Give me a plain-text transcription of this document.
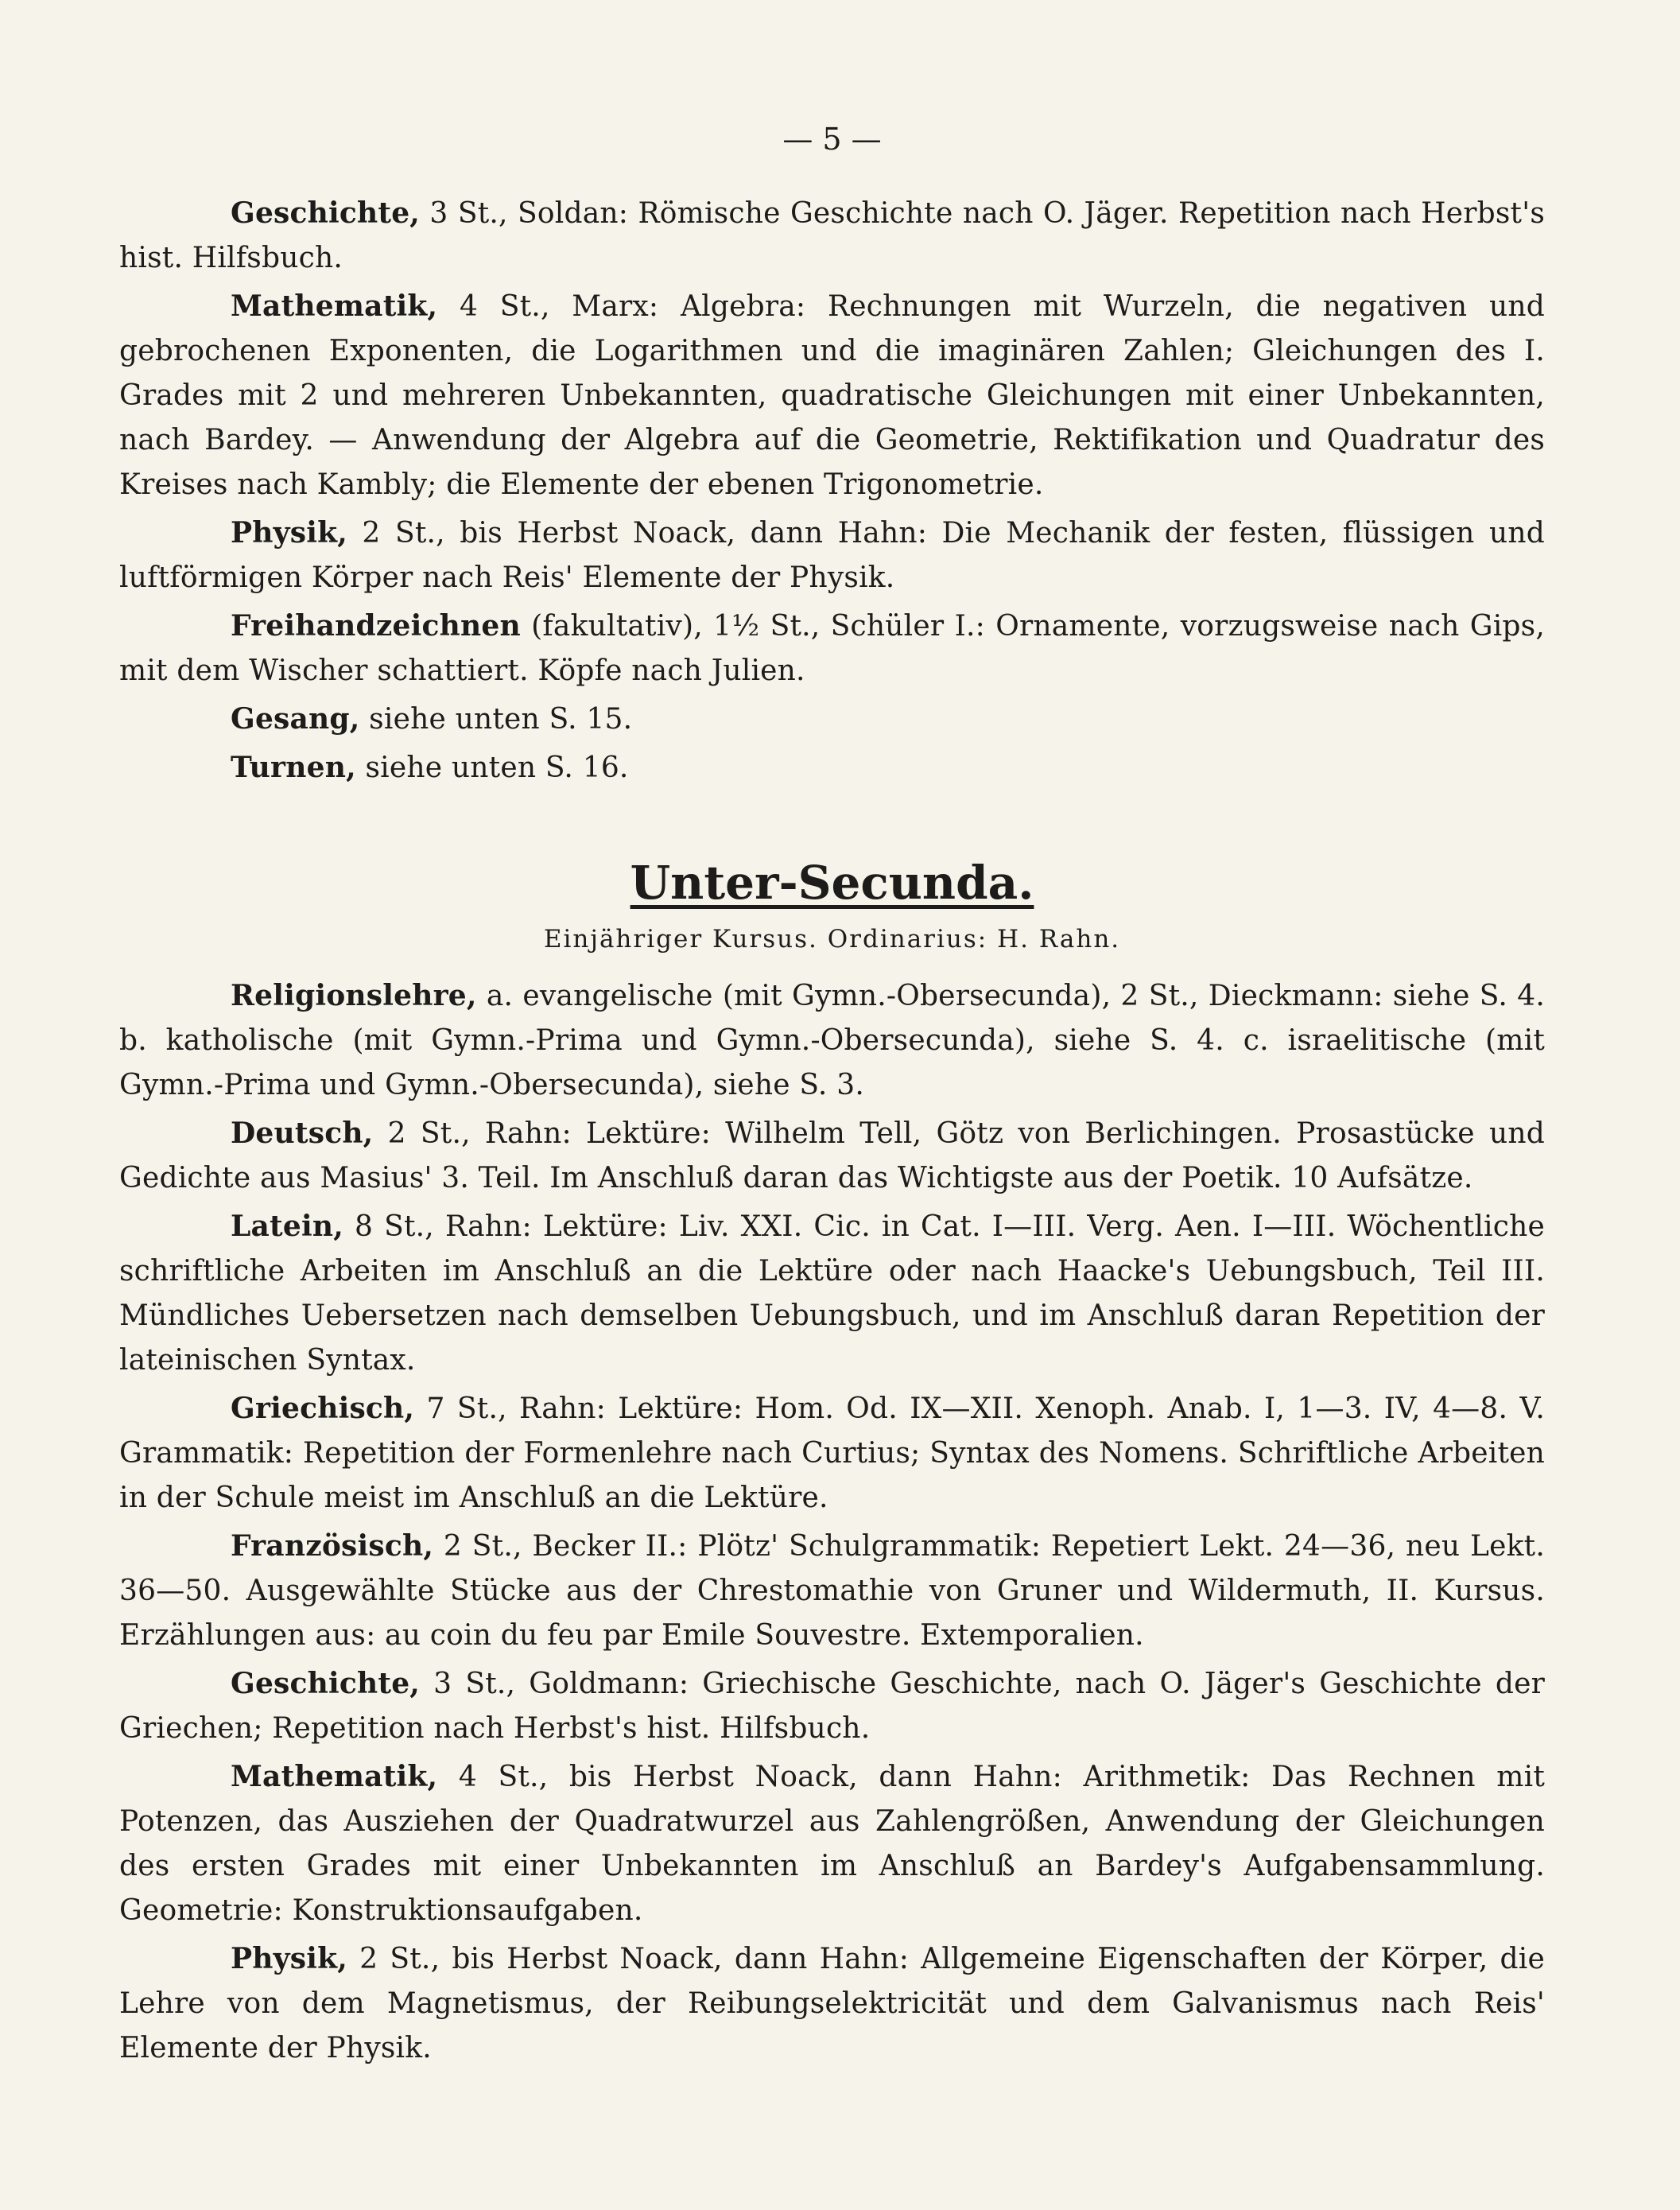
— 5 —

Geschichte, 3 St., Soldan: Römische Geschichte nach O. Jäger. Repetition nach Herbst's hist. Hilfsbuch.

Mathematik, 4 St., Marx: Algebra: Rechnungen mit Wurzeln, die negativen und gebrochenen Exponenten, die Logarithmen und die imaginären Zahlen; Gleichungen des I. Grades mit 2 und mehreren Unbekannten, quadratische Gleichungen mit einer Unbekannten, nach Bardey. — Anwendung der Algebra auf die Geometrie, Rektifikation und Quadratur des Kreises nach Kambly; die Elemente der ebenen Trigonometrie.

Physik, 2 St., bis Herbst Noack, dann Hahn: Die Mechanik der festen, flüssigen und luftförmigen Körper nach Reis' Elemente der Physik.

Freihandzeichnen (fakultativ), 1½ St., Schüler I.: Ornamente, vorzugsweise nach Gips, mit dem Wischer schattiert. Köpfe nach Julien.

Gesang, siehe unten S. 15.

Turnen, siehe unten S. 16.

Unter-Secunda.
Einjähriger Kursus. Ordinarius: H. Rahn.

Religionslehre, a. evangelische (mit Gymn.-Obersecunda), 2 St., Dieckmann: siehe S. 4. b. katholische (mit Gymn.-Prima und Gymn.-Obersecunda), siehe S. 4. c. israelitische (mit Gymn.-Prima und Gymn.-Obersecunda), siehe S. 3.

Deutsch, 2 St., Rahn: Lektüre: Wilhelm Tell, Götz von Berlichingen. Prosastücke und Gedichte aus Masius' 3. Teil. Im Anschluß daran das Wichtigste aus der Poetik. 10 Aufsätze.

Latein, 8 St., Rahn: Lektüre: Liv. XXI. Cic. in Cat. I—III. Verg. Aen. I—III. Wöchentliche schriftliche Arbeiten im Anschluß an die Lektüre oder nach Haacke's Uebungsbuch, Teil III. Mündliches Uebersetzen nach demselben Uebungsbuch, und im Anschluß daran Repetition der lateinischen Syntax.

Griechisch, 7 St., Rahn: Lektüre: Hom. Od. IX—XII. Xenoph. Anab. I, 1—3. IV, 4—8. V. Grammatik: Repetition der Formenlehre nach Curtius; Syntax des Nomens. Schriftliche Arbeiten in der Schule meist im Anschluß an die Lektüre.

Französisch, 2 St., Becker II.: Plötz' Schulgrammatik: Repetiert Lekt. 24—36, neu Lekt. 36—50. Ausgewählte Stücke aus der Chrestomathie von Gruner und Wildermuth, II. Kursus. Erzählungen aus: au coin du feu par Emile Souvestre. Extemporalien.

Geschichte, 3 St., Goldmann: Griechische Geschichte, nach O. Jäger's Geschichte der Griechen; Repetition nach Herbst's hist. Hilfsbuch.

Mathematik, 4 St., bis Herbst Noack, dann Hahn: Arithmetik: Das Rechnen mit Potenzen, das Ausziehen der Quadratwurzel aus Zahlengrößen, Anwendung der Gleichungen des ersten Grades mit einer Unbekannten im Anschluß an Bardey's Aufgabensammlung. Geometrie: Konstruktionsaufgaben.

Physik, 2 St., bis Herbst Noack, dann Hahn: Allgemeine Eigenschaften der Körper, die Lehre von dem Magnetismus, der Reibungselektricität und dem Galvanismus nach Reis' Elemente der Physik.
